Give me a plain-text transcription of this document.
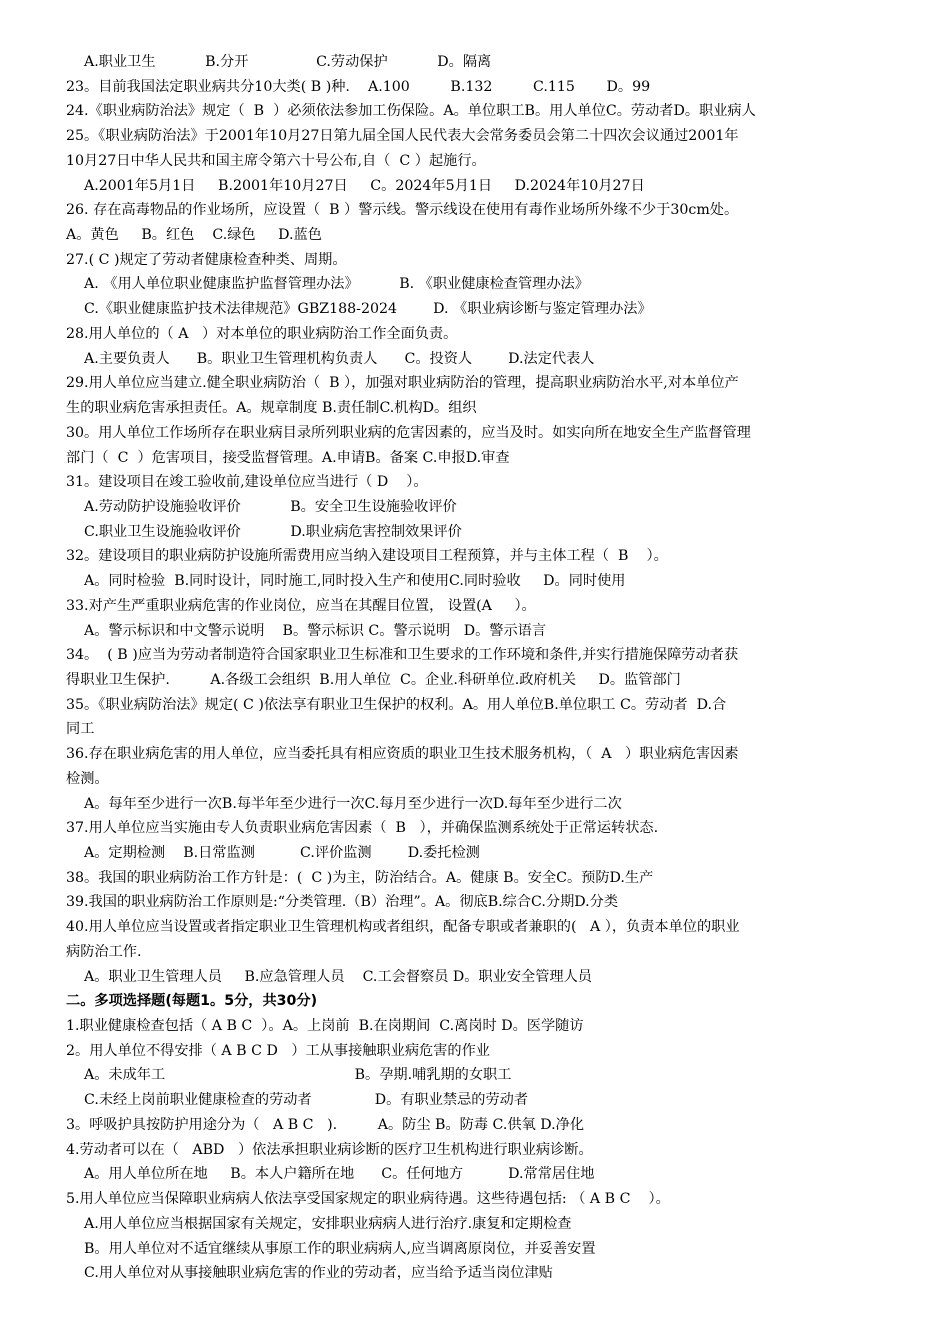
A.职业卫生           B.分开               C.劳动保护           D。隔离
23。目前我国法定职业病共分10大类( B )种.    A.100         B.132         C.115       D。99
24.《职业病防治法》规定（  B  ）必须依法参加工伤保险。A。单位职工B。用人单位C。劳动者D。职业病人
25。《职业病防治法》于2001年10月27日第九届全国人民代表大会常务委员会第二十四次会议通过2001年
10月27日中华人民共和国主席令第六十号公布,自（  C ）起施行。
A.2001年5月1日     B.2001年10月27日     C。2024年5月1日     D.2024年10月27日
26. 存在高毒物品的作业场所，应设置（  B ）警示线。警示线设在使用有毒作业场所外缘不少于30cm处。
A。黄色     B。红色    C.绿色     D.蓝色
27.( C )规定了劳动者健康检查种类、周期。
A. 《用人单位职业健康监护监督管理办法》         B. 《职业健康检查管理办法》
C.《职业健康监护技术法律规范》GBZ188-2024        D. 《职业病诊断与鉴定管理办法》
28.用人单位的（ A   ）对本单位的职业病防治工作全面负责。
A.主要负责人      B。职业卫生管理机构负责人      C。投资人        D.法定代表人
29.用人单位应当建立.健全职业病防治（  B ），加强对职业病防治的管理，提高职业病防治水平,对本单位产
生的职业病危害承担责任。A。规章制度 B.责任制C.机构D。组织
30。用人单位工作场所存在职业病目录所列职业病的危害因素的，应当及时。如实向所在地安全生产监督管理
部门（  C  ）危害项目，接受监督管理。A.申请B。备案 C.申报D.审查
31。建设项目在竣工验收前,建设单位应当进行（ D    ）。
A.劳动防护设施验收评价           B。安全卫生设施验收评价
C.职业卫生设施验收评价           D.职业病危害控制效果评价
32。建设项目的职业病防护设施所需费用应当纳入建设项目工程预算，并与主体工程（  B    ）。
A。同时检验  B.同时设计，同时施工,同时投入生产和使用C.同时验收     D。同时使用
33.对产生严重职业病危害的作业岗位，应当在其醒目位置， 设置(A     ）。
A。警示标识和中文警示说明    B。警示标识 C。警示说明   D。警示语言
34。  ( B )应当为劳动者制造符合国家职业卫生标准和卫生要求的工作环境和条件,并实行措施保障劳动者获
得职业卫生保护.         A.各级工会组织  B.用人单位  C。企业.科研单位.政府机关     D。监管部门
35。《职业病防治法》规定( C )依法享有职业卫生保护的权利。A。用人单位B.单位职工 C。劳动者  D.合
同工
36.存在职业病危害的用人单位，应当委托具有相应资质的职业卫生技术服务机构，（  A   ）职业病危害因素
检测。
A。每年至少进行一次B.每半年至少进行一次C.每月至少进行一次D.每年至少进行二次
37.用人单位应当实施由专人负责职业病危害因素（  B   ），并确保监测系统处于正常运转状态.
A。定期检测    B.日常监测          C.评价监测        D.委托检测
38。我国的职业病防治工作方针是：(  C )为主，防治结合。A。健康 B。安全C。预防D.生产
39.我国的职业病防治工作原则是:“分类管理.（B）治理”。A。彻底B.综合C.分期D.分类
40.用人单位应当设置或者指定职业卫生管理机构或者组织，配备专职或者兼职的(   A ），负责本单位的职业
病防治工作.
A。职业卫生管理人员     B.应急管理人员    C.工会督察员 D。职业安全管理人员
二。多项选择题(每题1。5分，共30分)
1.职业健康检查包括（ A B C  ）。A。上岗前  B.在岗期间  C.离岗时 D。医学随访
2。用人单位不得安排（ A B C D   ）工从事接触职业病危害的作业
A。未成年工                                          B。孕期.哺乳期的女职工
C.未经上岗前职业健康检查的劳动者              D。有职业禁忌的劳动者
3。呼吸护具按防护用途分为（   A B C   ).         A。防尘 B。防毒 C.供氧 D.净化
4.劳动者可以在（   ABD   ）依法承担职业病诊断的医疗卫生机构进行职业病诊断。
A。用人单位所在地     B。本人户籍所在地      C。任何地方          D.常常居住地
5.用人单位应当保障职业病病人依法享受国家规定的职业病待遇。这些待遇包括: （ A B C    ）。
A.用人单位应当根据国家有关规定，安排职业病病人进行治疗.康复和定期检查
B。用人单位对不适宜继续从事原工作的职业病病人,应当调离原岗位，并妥善安置
C.用人单位对从事接触职业病危害的作业的劳动者，应当给予适当岗位津贴
